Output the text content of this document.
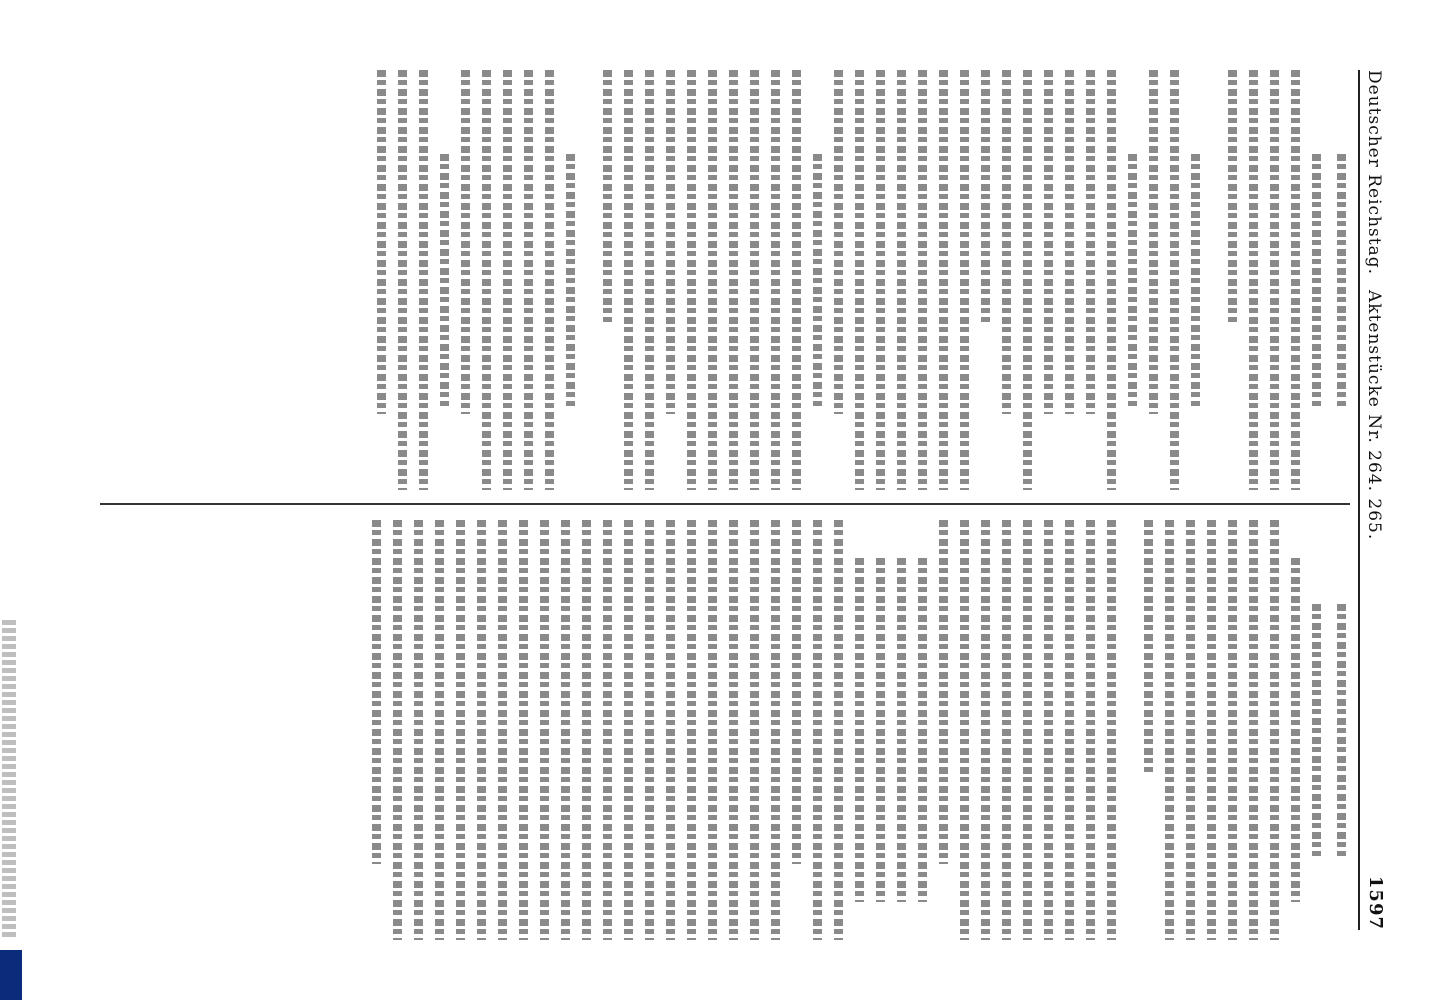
Deutscher Reichstag.
Aktenstücke Nr. 264. 265.
1597
